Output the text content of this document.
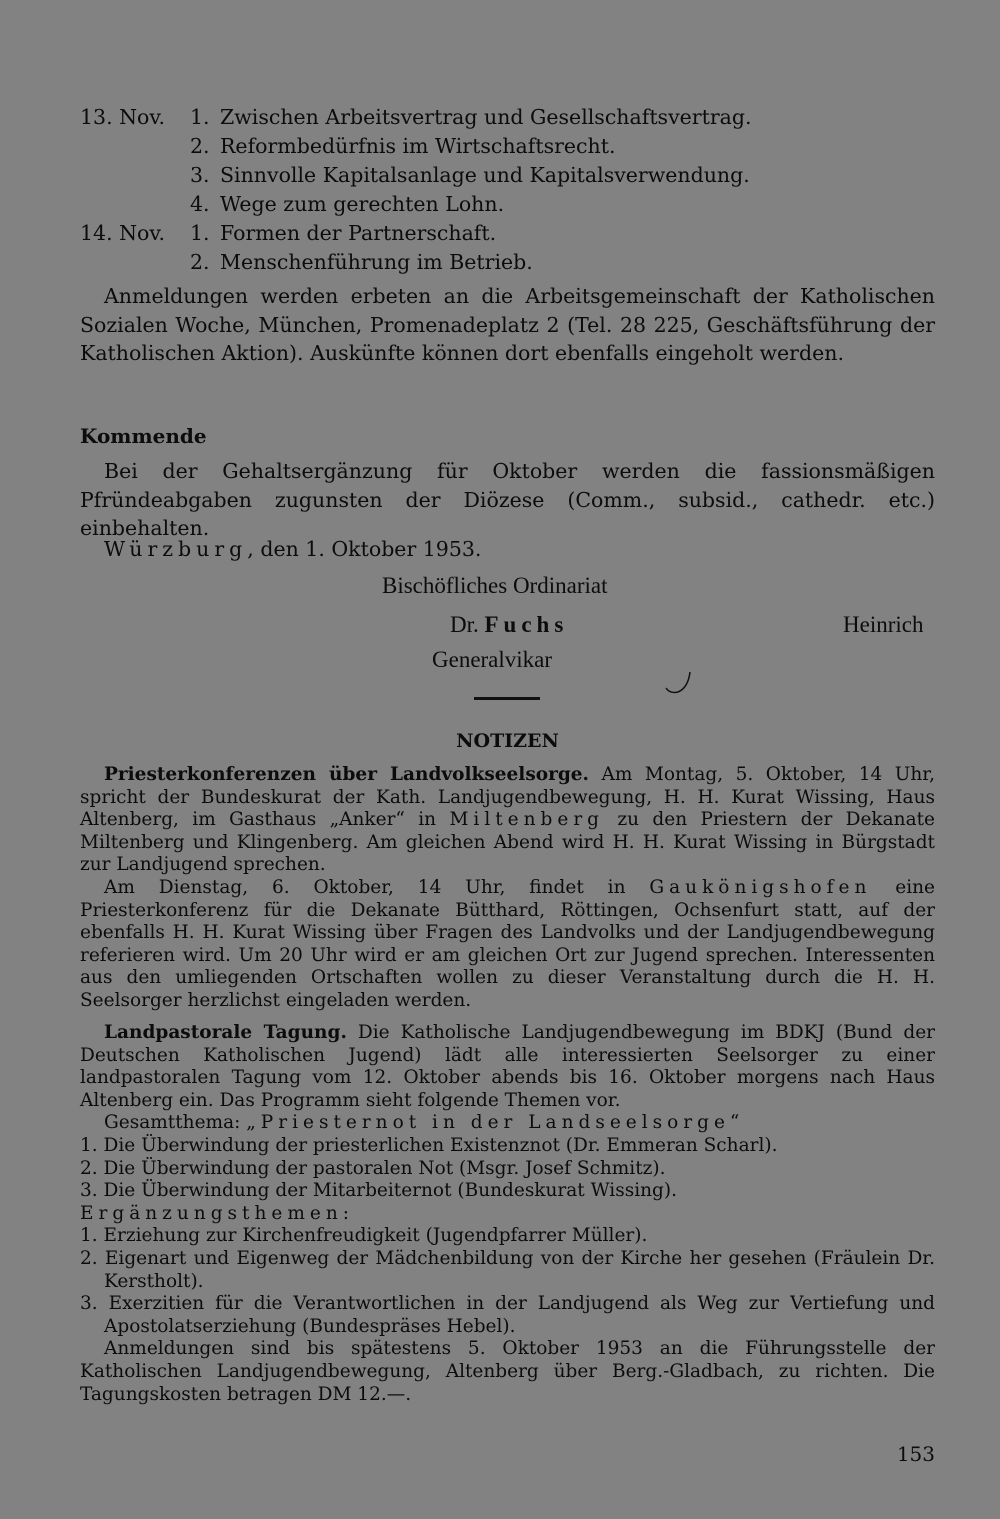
13. Nov. 1. Zwischen Arbeitsvertrag und Gesellschaftsvertrag.
2. Reformbedürfnis im Wirtschaftsrecht.
3. Sinnvolle Kapitalsanlage und Kapitalsverwendung.
4. Wege zum gerechten Lohn.
14. Nov. 1. Formen der Partnerschaft.
2. Menschenführung im Betrieb.

Anmeldungen werden erbeten an die Arbeitsgemeinschaft der Katholischen Sozialen Woche, München, Promenadeplatz 2 (Tel. 28 225, Geschäftsführung der Katholischen Aktion). Auskünfte können dort ebenfalls eingeholt werden.

Kommende

Bei der Gehaltsergänzung für Oktober werden die fassionsmäßigen Pfründeabgaben zugunsten der Diözese (Comm., subsid., cathedr. etc.) einbehalten.

Würzburg, den 1. Oktober 1953.
Bischöfliches Ordinariat
Dr. Fuchs	Heinrich
Generalvikar
NOTIZEN

Priesterkonferenzen über Landvolkseelsorge. Am Montag, 5. Oktober, 14 Uhr, spricht der Bundeskurat der Kath. Landjugendbewegung, H. H. Kurat Wissing, Haus Altenberg, im Gasthaus „Anker“ in Miltenberg zu den Priestern der Dekanate Miltenberg und Klingenberg. Am gleichen Abend wird H. H. Kurat Wissing in Bürgstadt zur Landjugend sprechen.

Am Dienstag, 6. Oktober, 14 Uhr, findet in Gaukönigshofen eine Priesterkonferenz für die Dekanate Bütthard, Röttingen, Ochsenfurt statt, auf der ebenfalls H. H. Kurat Wissing über Fragen des Landvolks und der Landjugendbewegung referieren wird. Um 20 Uhr wird er am gleichen Ort zur Jugend sprechen. Interessenten aus den umliegenden Ortschaften wollen zu dieser Veranstaltung durch die H. H. Seelsorger herzlichst eingeladen werden.

Landpastorale Tagung. Die Katholische Landjugendbewegung im BDKJ (Bund der Deutschen Katholischen Jugend) lädt alle interessierten Seelsorger zu einer landpastoralen Tagung vom 12. Oktober abends bis 16. Oktober morgens nach Haus Altenberg ein. Das Programm sieht folgende Themen vor.

Gesamtthema: „Priesternot in der Landseelsorge“

1. Die Überwindung der priesterlichen Existenznot (Dr. Emmeran Scharl).

2. Die Überwindung der pastoralen Not (Msgr. Josef Schmitz).

3. Die Überwindung der Mitarbeiternot (Bundeskurat Wissing).

Ergänzungsthemen:

1. Erziehung zur Kirchenfreudigkeit (Jugendpfarrer Müller).

2. Eigenart und Eigenweg der Mädchenbildung von der Kirche her gesehen (Fräulein Dr. Kerstholt).

3. Exerzitien für die Verantwortlichen in der Landjugend als Weg zur Vertiefung und Apostolatserziehung (Bundespräses Hebel).

Anmeldungen sind bis spätestens 5. Oktober 1953 an die Führungsstelle der Katholischen Landjugendbewegung, Altenberg über Berg.-Gladbach, zu richten. Die Tagungskosten betragen DM 12.—.

153
